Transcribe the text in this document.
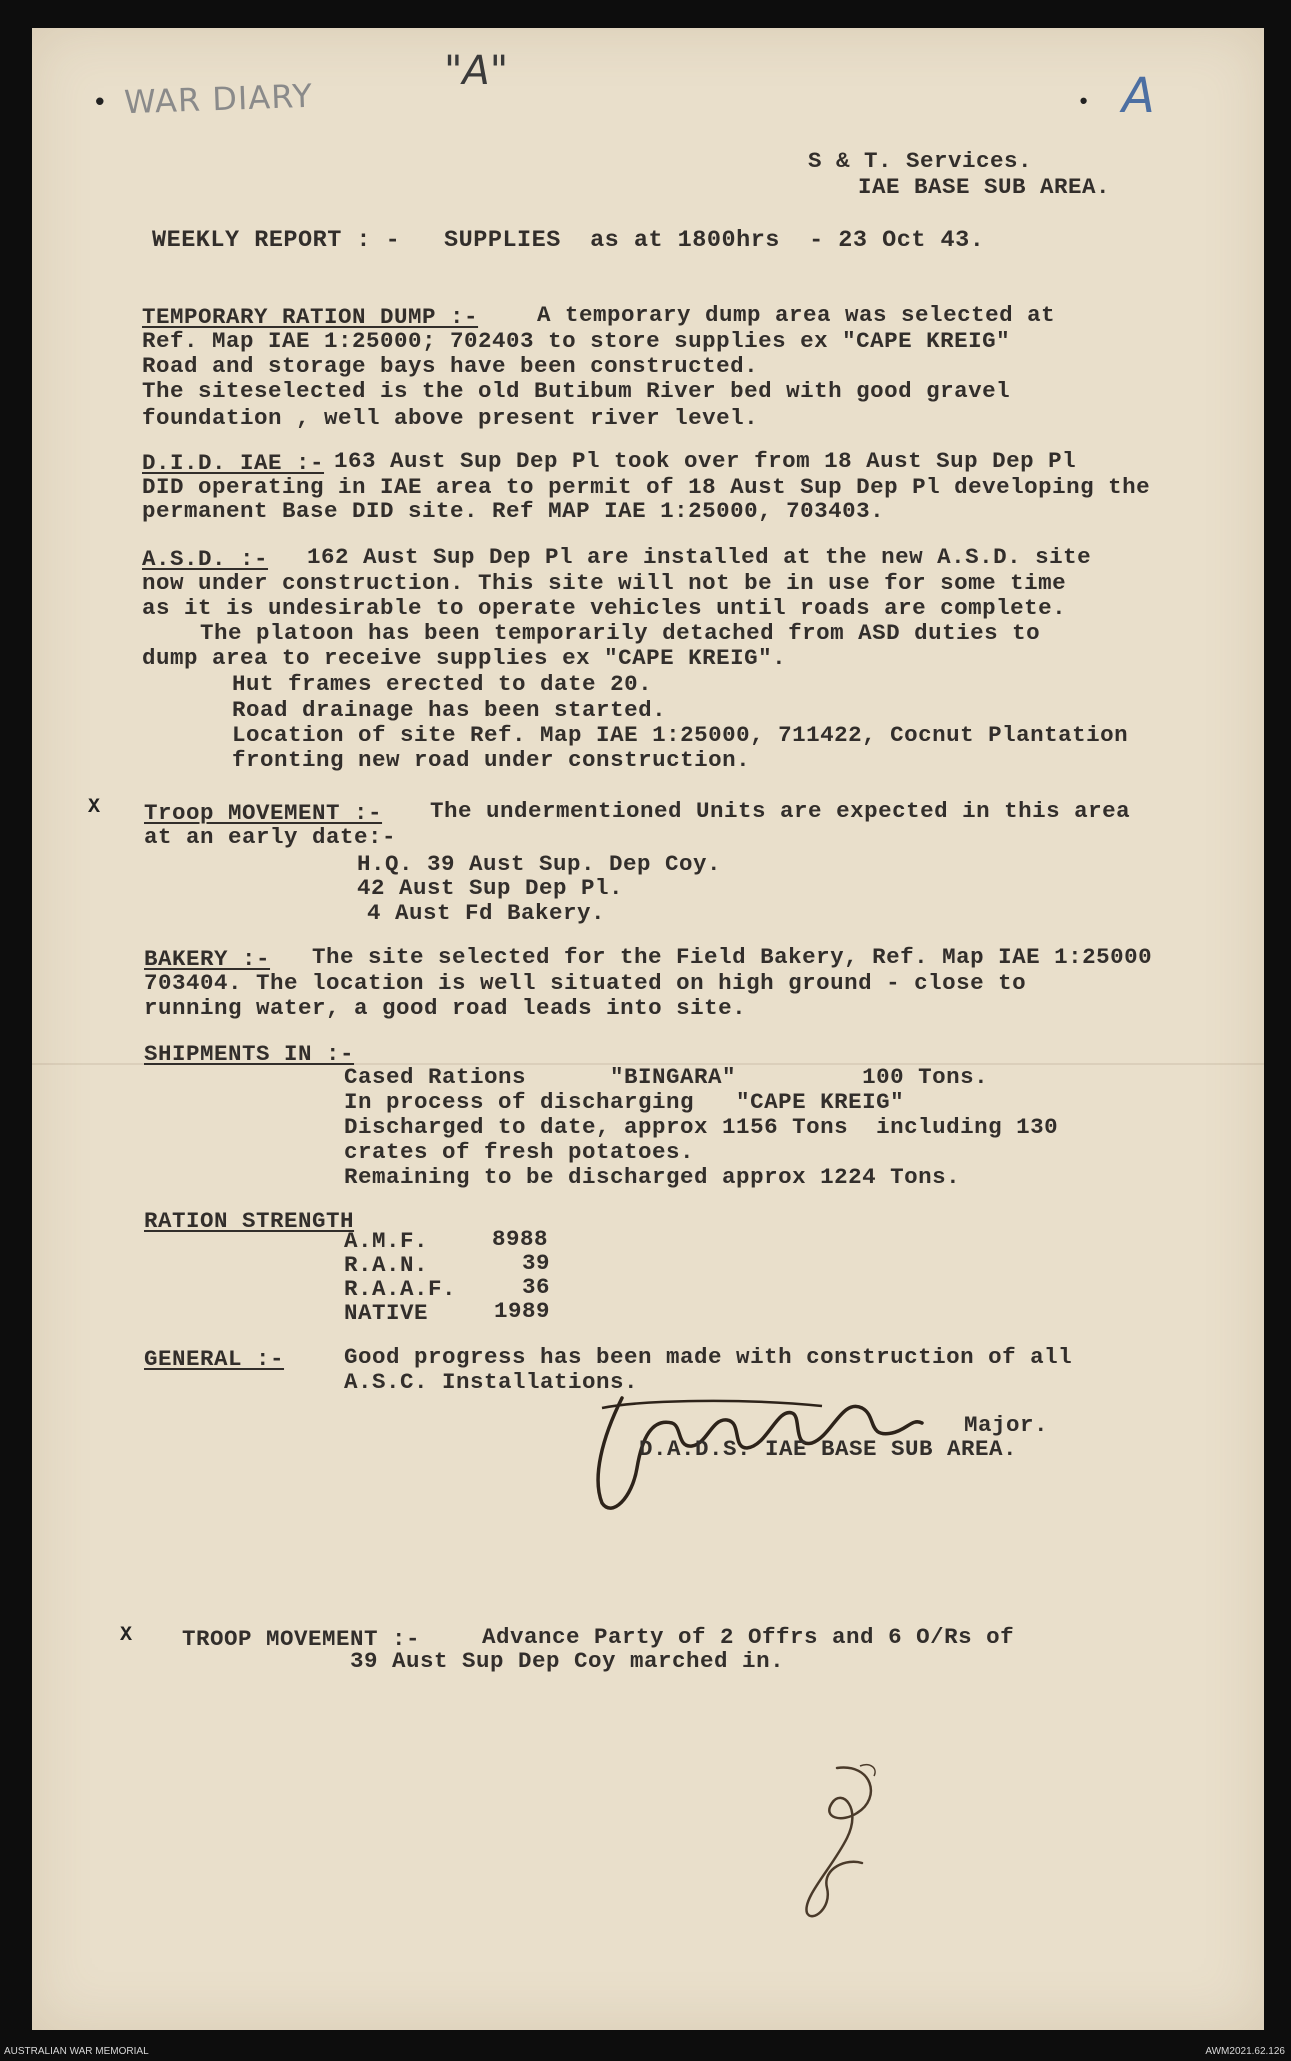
WAR DIARY
"A"	A
•	•
S & T. Services.
IAE BASE SUB AREA.
WEEKLY REPORT : -   SUPPLIES  as at 1800hrs  - 23 Oct 43.
TEMPORARY RATION DUMP :-	A temporary dump area was selected at
Ref. Map IAE 1:25000; 702403 to store supplies ex "CAPE KREIG"
Road and storage bays have been constructed.
The siteselected is the old Butibum River bed with good gravel
foundation , well above present river level.
D.I.D. IAE :- 163 Aust Sup Dep Pl took over from 18 Aust Sup Dep Pl
DID operating in IAE area to permit of 18 Aust Sup Dep Pl developing the
permanent Base DID site. Ref MAP IAE 1:25000, 703403.
A.S.D. :- 162 Aust Sup Dep Pl are installed at the new A.S.D. site
now under construction. This site will not be in use for some time
as it is undesirable to operate vehicles until roads are complete.
The platoon has been temporarily detached from ASD duties to
dump area to receive supplies ex "CAPE KREIG".
Hut frames erected to date 20.
Road drainage has been started.
Location of site Ref. Map IAE 1:25000, 711422, Cocnut Plantation
fronting new road under construction.
X Troop MOVEMENT :- The undermentioned Units are expected in this area
at an early date:-
H.Q. 39 Aust Sup. Dep Coy.
42 Aust Sup Dep Pl.
4 Aust Fd Bakery.
BAKERY :- The site selected for the Field Bakery, Ref. Map IAE 1:25000
703404. The location is well situated on high ground - close to
running water, a good road leads into site.
SHIPMENTS IN :-
Cased Rations      "BINGARA"         100 Tons.
In process of discharging   "CAPE KREIG"
Discharged to date, approx 1156 Tons  including 130
crates of fresh potatoes.
Remaining to be discharged approx 1224 Tons.
RATION STRENGTH
A.M.F.	8988
R.A.N.	39
R.A.A.F.	36
NATIVE	1989
GENERAL :-	Good progress has been made with construction of all
A.S.C. Installations.
Major.
D.A.D.S. IAE BASE SUB AREA.
X TROOP MOVEMENT :-	Advance Party of 2 Offrs and 6 O/Rs of
39 Aust Sup Dep Coy marched in.
AUSTRALIAN WAR MEMORIAL	AWM2021.62.126
